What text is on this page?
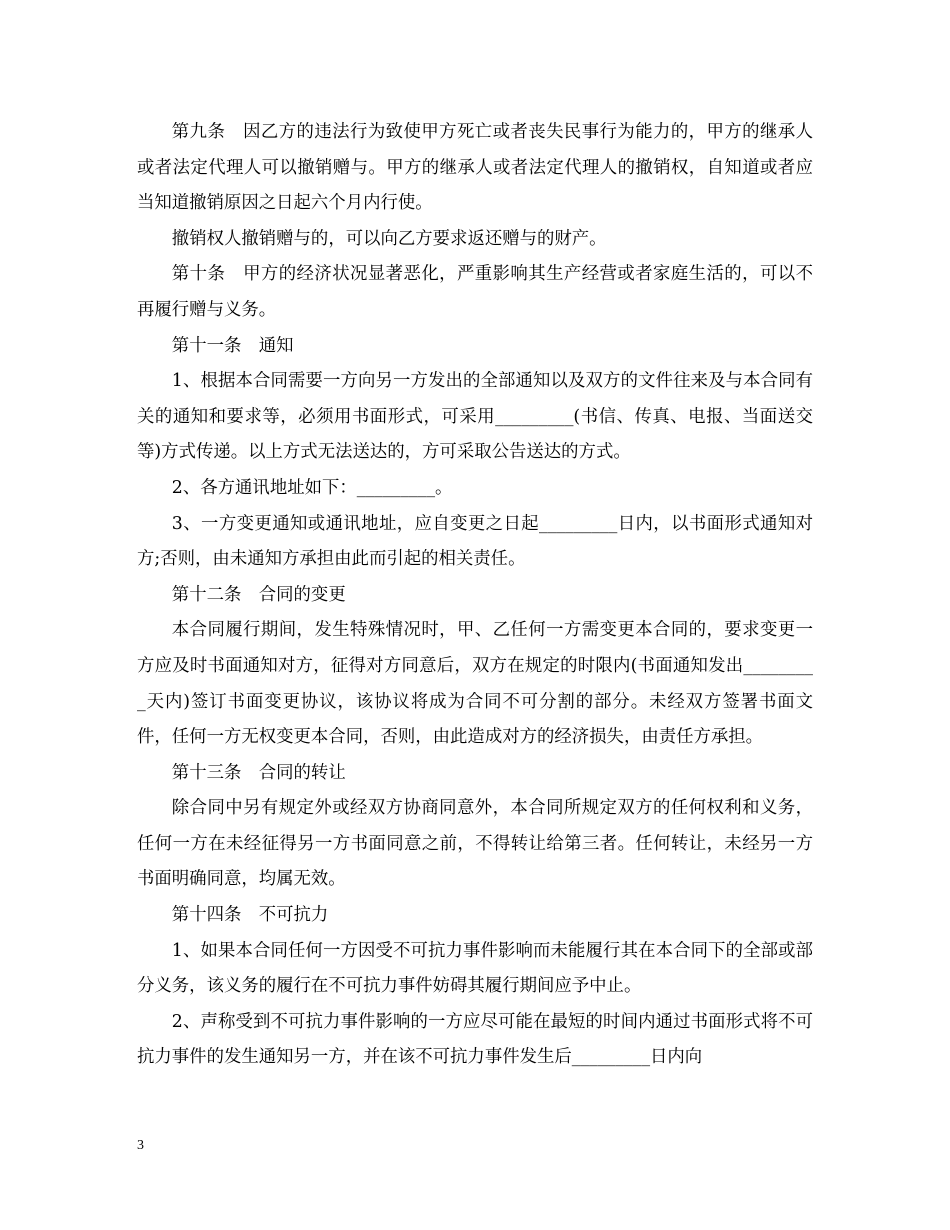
第九条　因乙方的违法行为致使甲方死亡或者丧失民事行为能力的，甲方的继承人或者法定代理人可以撤销赠与。甲方的继承人或者法定代理人的撤销权，自知道或者应当知道撤销原因之日起六个月内行使。

撤销权人撤销赠与的，可以向乙方要求返还赠与的财产。

第十条　甲方的经济状况显著恶化，严重影响其生产经营或者家庭生活的，可以不再履行赠与义务。

第十一条　通知

1、根据本合同需要一方向另一方发出的全部通知以及双方的文件往来及与本合同有关的通知和要求等，必须用书面形式，可采用_________(书信、传真、电报、当面送交等)方式传递。以上方式无法送达的，方可采取公告送达的方式。

2、各方通讯地址如下：_________。

3、一方变更通知或通讯地址，应自变更之日起_________日内，以书面形式通知对方;否则，由未通知方承担由此而引起的相关责任。

第十二条　合同的变更

本合同履行期间，发生特殊情况时，甲、乙任何一方需变更本合同的，要求变更一方应及时书面通知对方，征得对方同意后，双方在规定的时限内(书面通知发出_________天内)签订书面变更协议，该协议将成为合同不可分割的部分。未经双方签署书面文件，任何一方无权变更本合同，否则，由此造成对方的经济损失，由责任方承担。

第十三条　合同的转让

除合同中另有规定外或经双方协商同意外，本合同所规定双方的任何权利和义务，任何一方在未经征得另一方书面同意之前，不得转让给第三者。任何转让，未经另一方书面明确同意，均属无效。

第十四条　不可抗力

1、如果本合同任何一方因受不可抗力事件影响而未能履行其在本合同下的全部或部分义务，该义务的履行在不可抗力事件妨碍其履行期间应予中止。

2、声称受到不可抗力事件影响的一方应尽可能在最短的时间内通过书面形式将不可抗力事件的发生通知另一方，并在该不可抗力事件发生后_________日内向

3
